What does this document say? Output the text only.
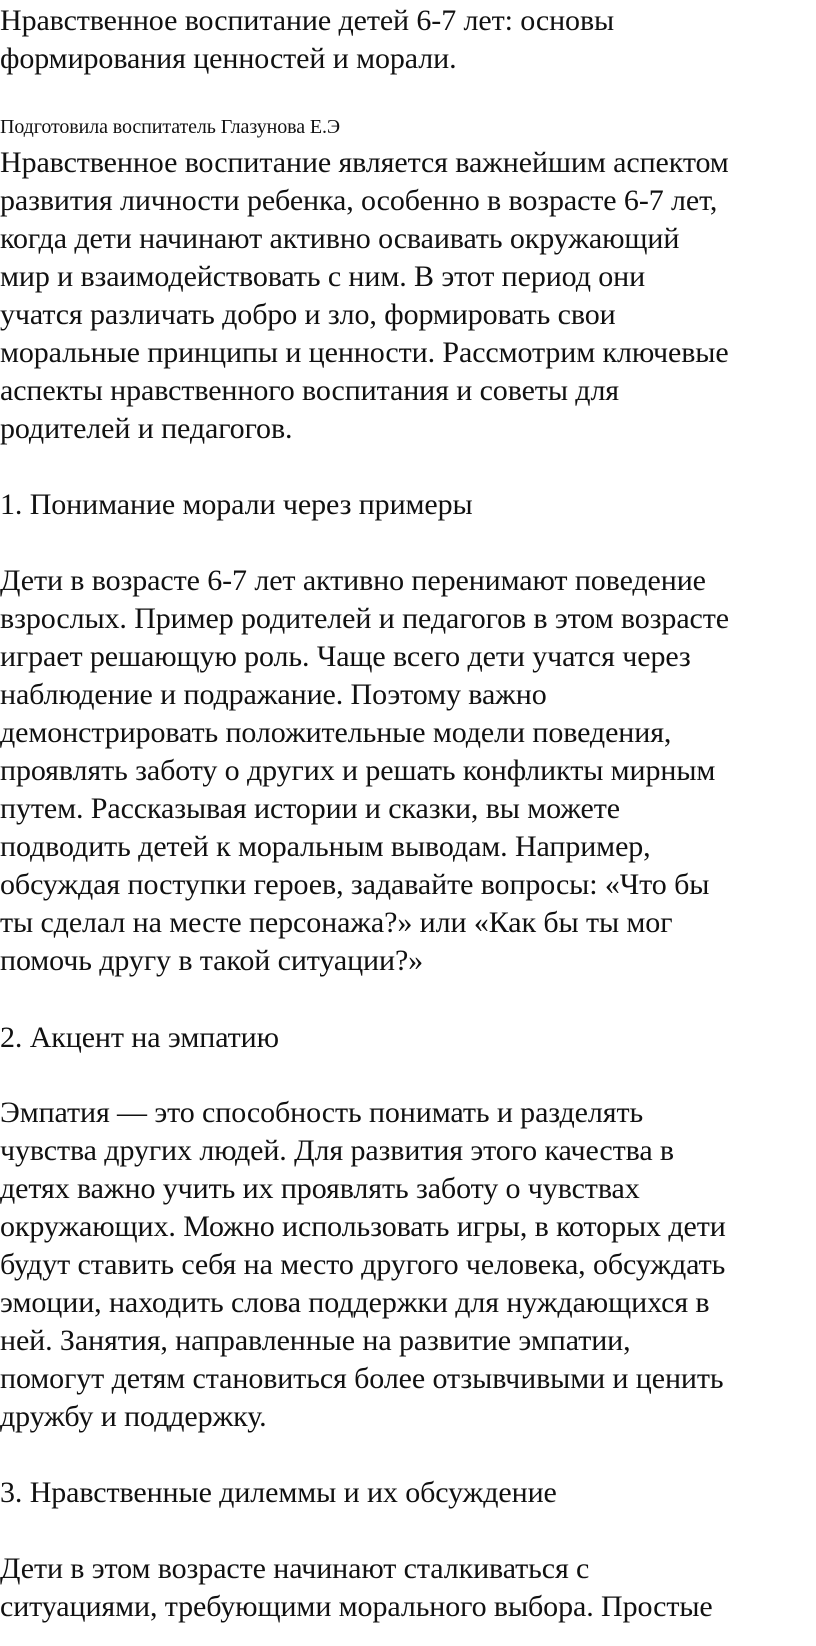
Нравственное воспитание детей 6-7 лет: основы

формирования ценностей и морали.

Подготовила воспитатель Глазунова Е.Э

Нравственное воспитание является важнейшим аспектом

развития личности ребенка, особенно в возрасте 6-7 лет,

когда дети начинают активно осваивать окружающий

мир и взаимодействовать с ним. В этот период они

учатся различать добро и зло, формировать свои

моральные принципы и ценности. Рассмотрим ключевые

аспекты нравственного воспитания и советы для

родителей и педагогов.

1. Понимание морали через примеры

Дети в возрасте 6-7 лет активно перенимают поведение

взрослых. Пример родителей и педагогов в этом возрасте

играет решающую роль. Чаще всего дети учатся через

наблюдение и подражание. Поэтому важно

демонстрировать положительные модели поведения,

проявлять заботу о других и решать конфликты мирным

путем. Рассказывая истории и сказки, вы можете

подводить детей к моральным выводам. Например,

обсуждая поступки героев, задавайте вопросы: «Что бы

ты сделал на месте персонажа?» или «Как бы ты мог

помочь другу в такой ситуации?»

2. Акцент на эмпатию

Эмпатия — это способность понимать и разделять

чувства других людей. Для развития этого качества в

детях важно учить их проявлять заботу о чувствах

окружающих. Можно использовать игры, в которых дети

будут ставить себя на место другого человека, обсуждать

эмоции, находить слова поддержки для нуждающихся в

ней. Занятия, направленные на развитие эмпатии,

помогут детям становиться более отзывчивыми и ценить

дружбу и поддержку.

3. Нравственные дилеммы и их обсуждение

Дети в этом возрасте начинают сталкиваться с

ситуациями, требующими морального выбора. Простые
